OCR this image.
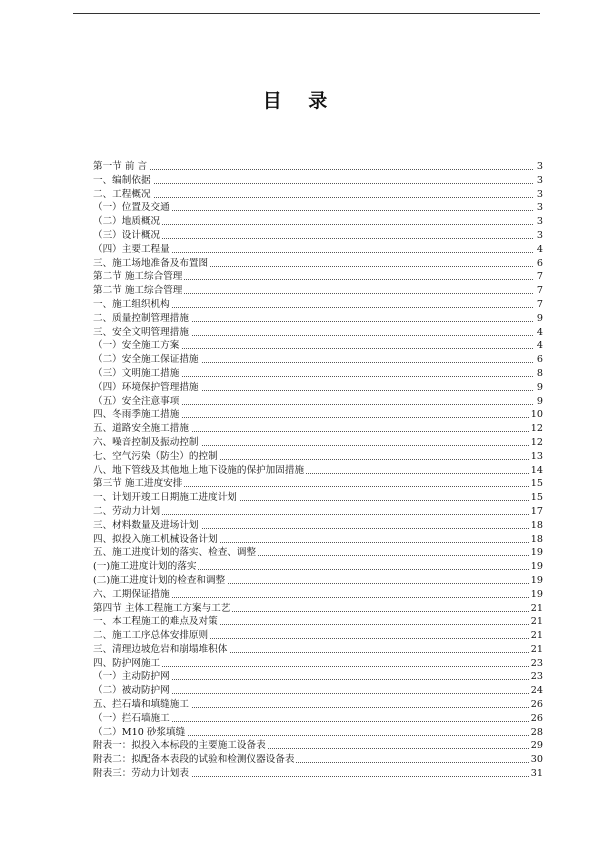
目 录
第一节 前 言	3
一、编制依据	3
二、工程概况	3
（一）位置及交通	3
（二）地质概况	3
（三）设计概况	3
（四）主要工程量	4
三、施工场地准备及布置图	6
第二节 施工综合管理	7
第二节 施工综合管理	7
一、施工组织机构	7
二、质量控制管理措施	9
三、安全文明管理措施	4
（一）安全施工方案	4
（二）安全施工保证措施	6
（三）文明施工措施	8
（四）环境保护管理措施	9
（五）安全注意事项	9
四、冬雨季施工措施	10
五、道路安全施工措施	12
六、噪音控制及振动控制	12
七、空气污染（防尘）的控制	13
八、地下管线及其他地上地下设施的保护加固措施	14
第三节 施工进度安排	15
一、计划开竣工日期施工进度计划	15
二、劳动力计划	17
三、材料数量及进场计划	18
四、拟投入施工机械设备计划	18
五、施工进度计划的落实、检查、调整	19
(一)施工进度计划的落实	19
(二)施工进度计划的检查和调整	19
六、工期保证措施	19
第四节 主体工程施工方案与工艺	21
一、本工程施工的难点及对策	21
二、施工工序总体安排原则	21
三、清理边坡危岩和崩塌堆积体	21
四、防护网施工	23
（一）主动防护网	23
（二）被动防护网	24
五、拦石墙和填缝施工	26
（一）拦石墙施工	26
（二）M10 砂浆填缝	28
附表一：拟投入本标段的主要施工设备表	29
附表二：拟配备本表段的试验和检测仪器设备表	30
附表三：劳动力计划表	31
